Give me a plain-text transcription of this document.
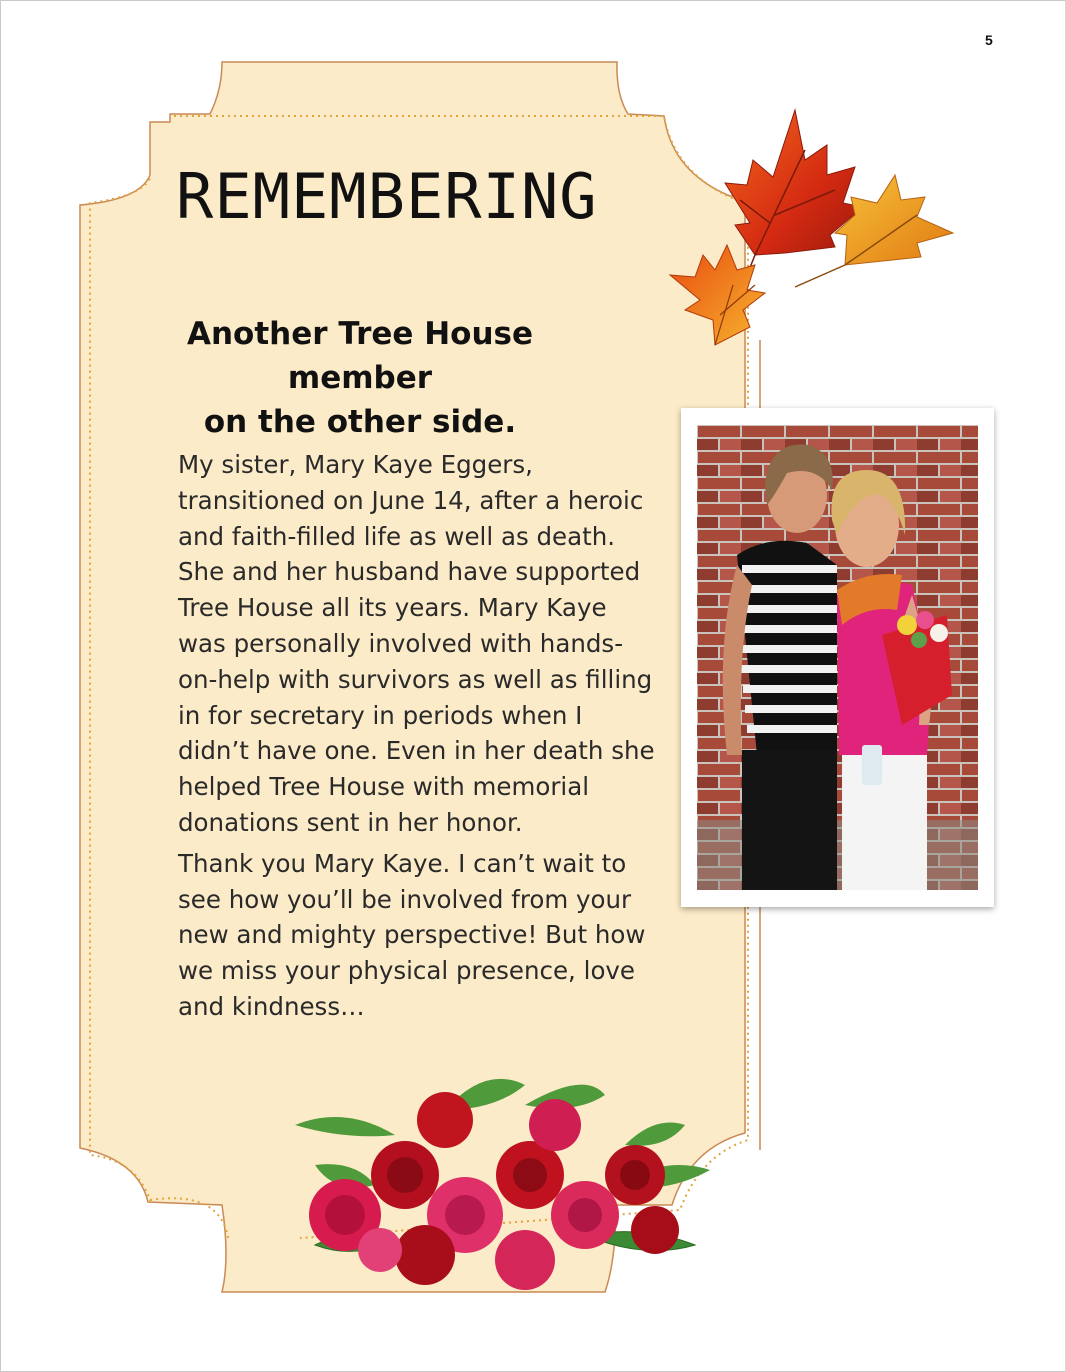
5
REMEMBERING
Another Tree House member
on the other side.

My sister, Mary Kaye Eggers, transitioned on June 14, after a heroic and faith-filled life as well as death. She and her husband have supported Tree House all its years. Mary Kaye was personally involved with hands-on-help with survivors as well as filling in for secretary in periods when I didn’t have one. Even in her death she helped Tree House with memorial donations sent in her honor.

Thank you Mary Kaye. I can’t wait to see how you’ll be involved from your new and mighty perspective! But how we miss your physical presence, love and kindness…
